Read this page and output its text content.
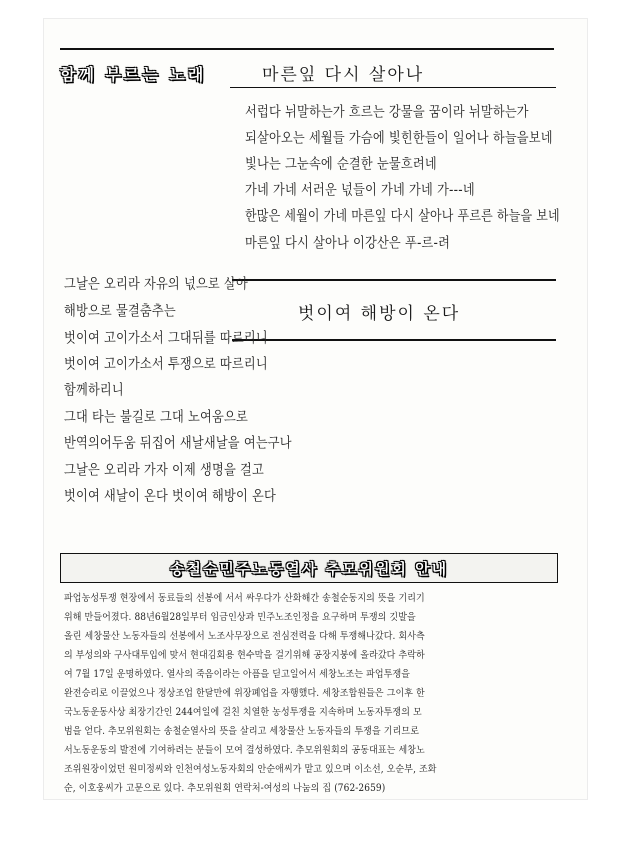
함께 부르는 노래	마른잎 다시 살아나
서럽다 뉘말하는가 흐르는 강물을 꿈이라 뉘말하는가
되살아오는 세월들 가슴에 빛힌한들이 일어나 하늘을보네
빛나는 그눈속에 순결한 눈물흐려네
가네 가네 서러운 넋들이 가네 가네 가---네
한많은 세월이 가네 마른잎 다시 살아나 푸르른 하늘을 보네
마른잎 다시 살아나 이강산은 푸-르-려
벗이여 해방이 온다
그날은 오리라 자유의 넋으로 살아
해방으로 물결춤추는
벗이여 고이가소서 그대뒤를 따르리니
벗이여 고이가소서 투쟁으로 따르리니
함께하리니
그대 타는 불길로 그대 노여움으로
반역의어두움 뒤집어 새날새날을 여는구나
그날은 오리라 가자 이제 생명을 걸고
벗이여 새날이 온다 벗이여 해방이 온다
송철순민주노동열사 추모위원회 안내
파업농성투쟁 현장에서 동료들의 선봉에 서서 싸우다가 산화해간 송철순동지의 뜻을 기리기
위해 만들어졌다. 88년6월28일부터 임금인상과 민주노조인정을 요구하며 투쟁의 깃발을
올린 세창물산 노동자들의 선봉에서 노조사무장으로 전심전력을 다해 투쟁해나갔다. 회사측
의 부성의와 구사대투입에 맞서 현대김회용 현수막을 걸기위해 공장지붕에 올라갔다 추락하
여 7월 17일 운명하였다. 열사의 죽음이라는 아픔을 딛고일어서 세창노조는 파업투쟁을
완전승리로 이끌었으나 정상조업 한달만에 위장폐업을 자행했다. 세창조합원들은 그이후 한
국노동운동사상 최장기간인 244여일에 걸친 치열한 농성투쟁을 지속하며 노동자투쟁의 모
범을 얻다. 추모위원회는 송철순열사의 뜻을 살리고 세창물산 노동자들의 투쟁을 기리므로
서노동운동의 발전에 기여하려는 분들이 모여 결성하였다. 추모위원회의 공동대표는 세창노
조위원장이었던 원미정씨와 인천여성노동자회의 안순애씨가 맡고 있으며 이소선, 오순부, 조화
순, 이호웅씨가 고문으로 있다. 추모위원회 연락처-여성의 나눔의 집 (762-2659)
